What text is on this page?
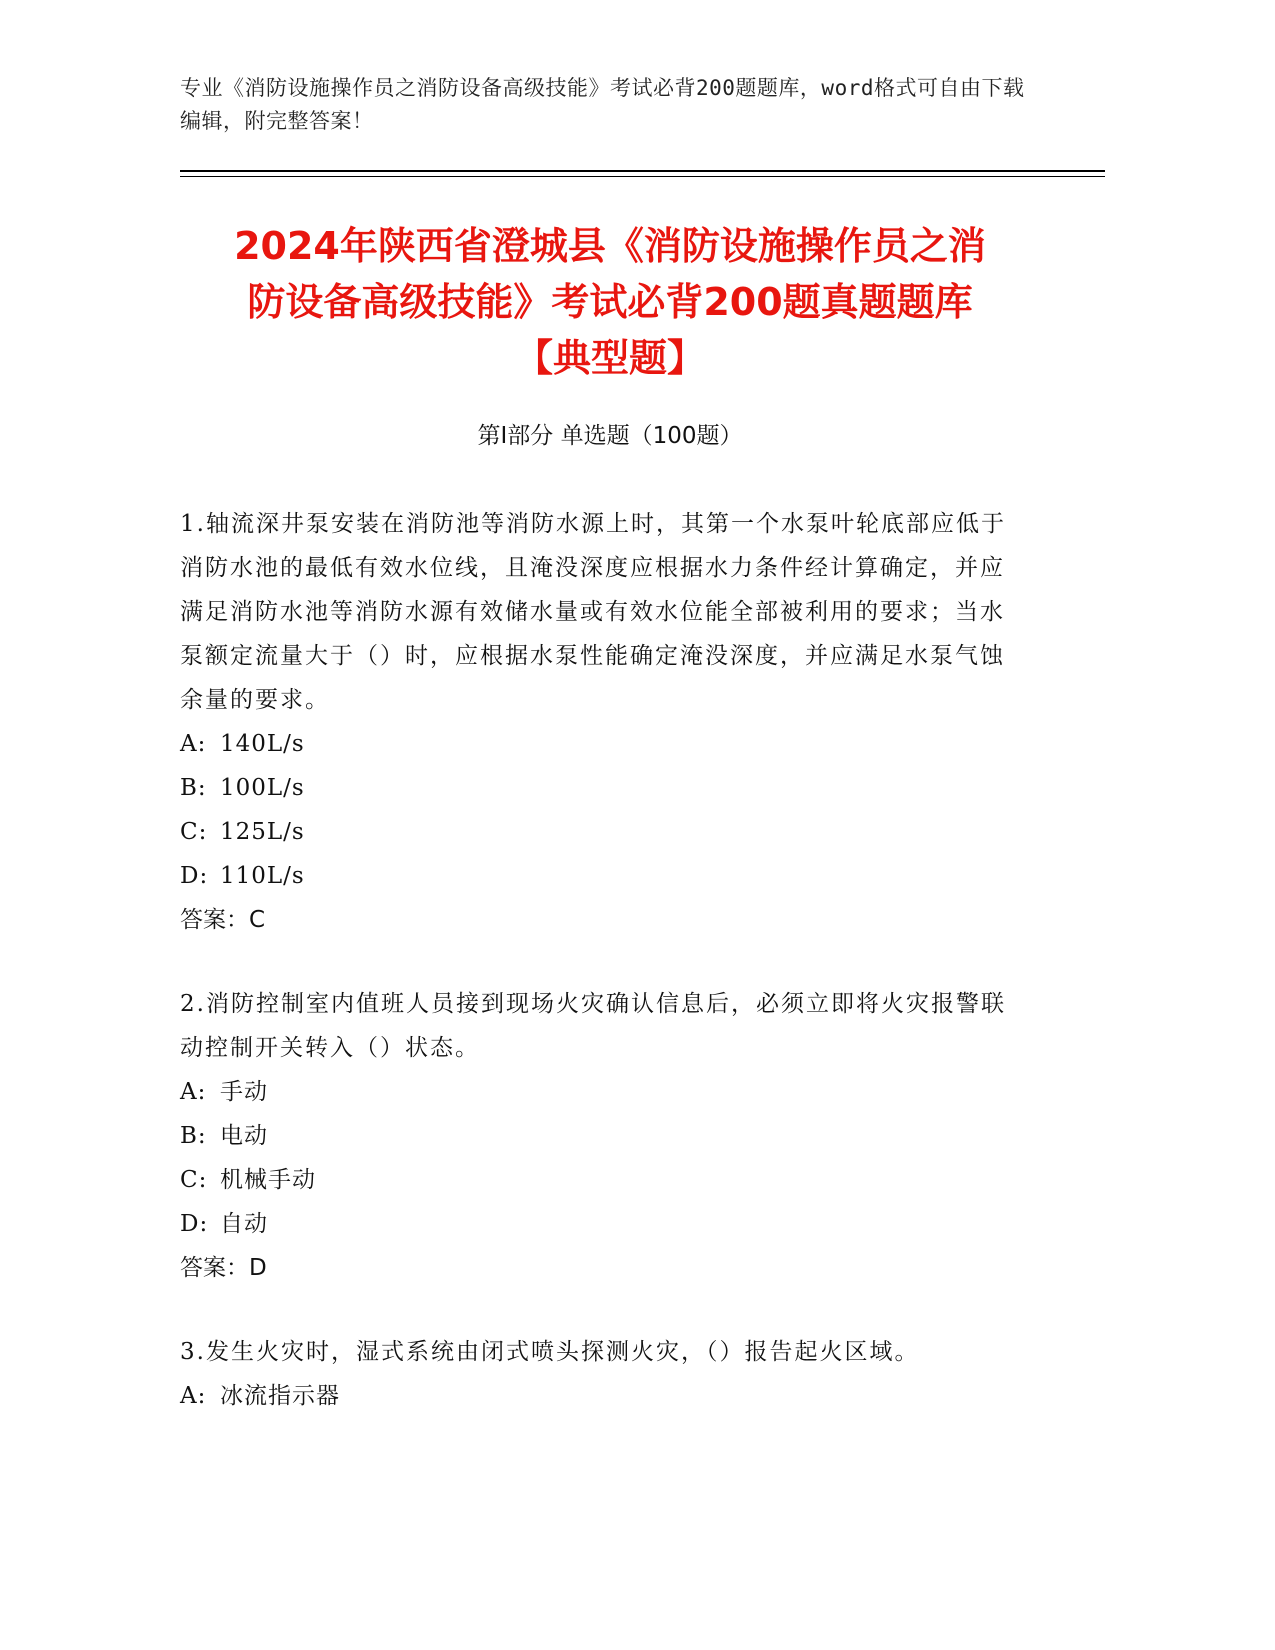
专业《消防设施操作员之消防设备高级技能》考试必背200题题库，word格式可自由下载编辑，附完整答案！
2024年陕西省澄城县《消防设施操作员之消
防设备高级技能》考试必背200题真题题库
【典型题】
第Ⅰ部分 单选题（100题）
1.轴流深井泵安装在消防池等消防水源上时，其第一个水泵叶轮底部应低于消防水池的最低有效水位线，且淹没深度应根据水力条件经计算确定，并应满足消防水池等消防水源有效储水量或有效水位能全部被利用的要求；当水泵额定流量大于（）时，应根据水泵性能确定淹没深度，并应满足水泵气蚀余量的要求。
A: 140L/s
B: 100L/s
C: 125L/s
D: 110L/s
答案：C
2.消防控制室内值班人员接到现场火灾确认信息后，必须立即将火灾报警联动控制开关转入（）状态。
A: 手动
B: 电动
C: 机械手动
D: 自动
答案：D
3.发生火灾时，湿式系统由闭式喷头探测火灾，（）报告起火区域。
A: 冰流指示器
